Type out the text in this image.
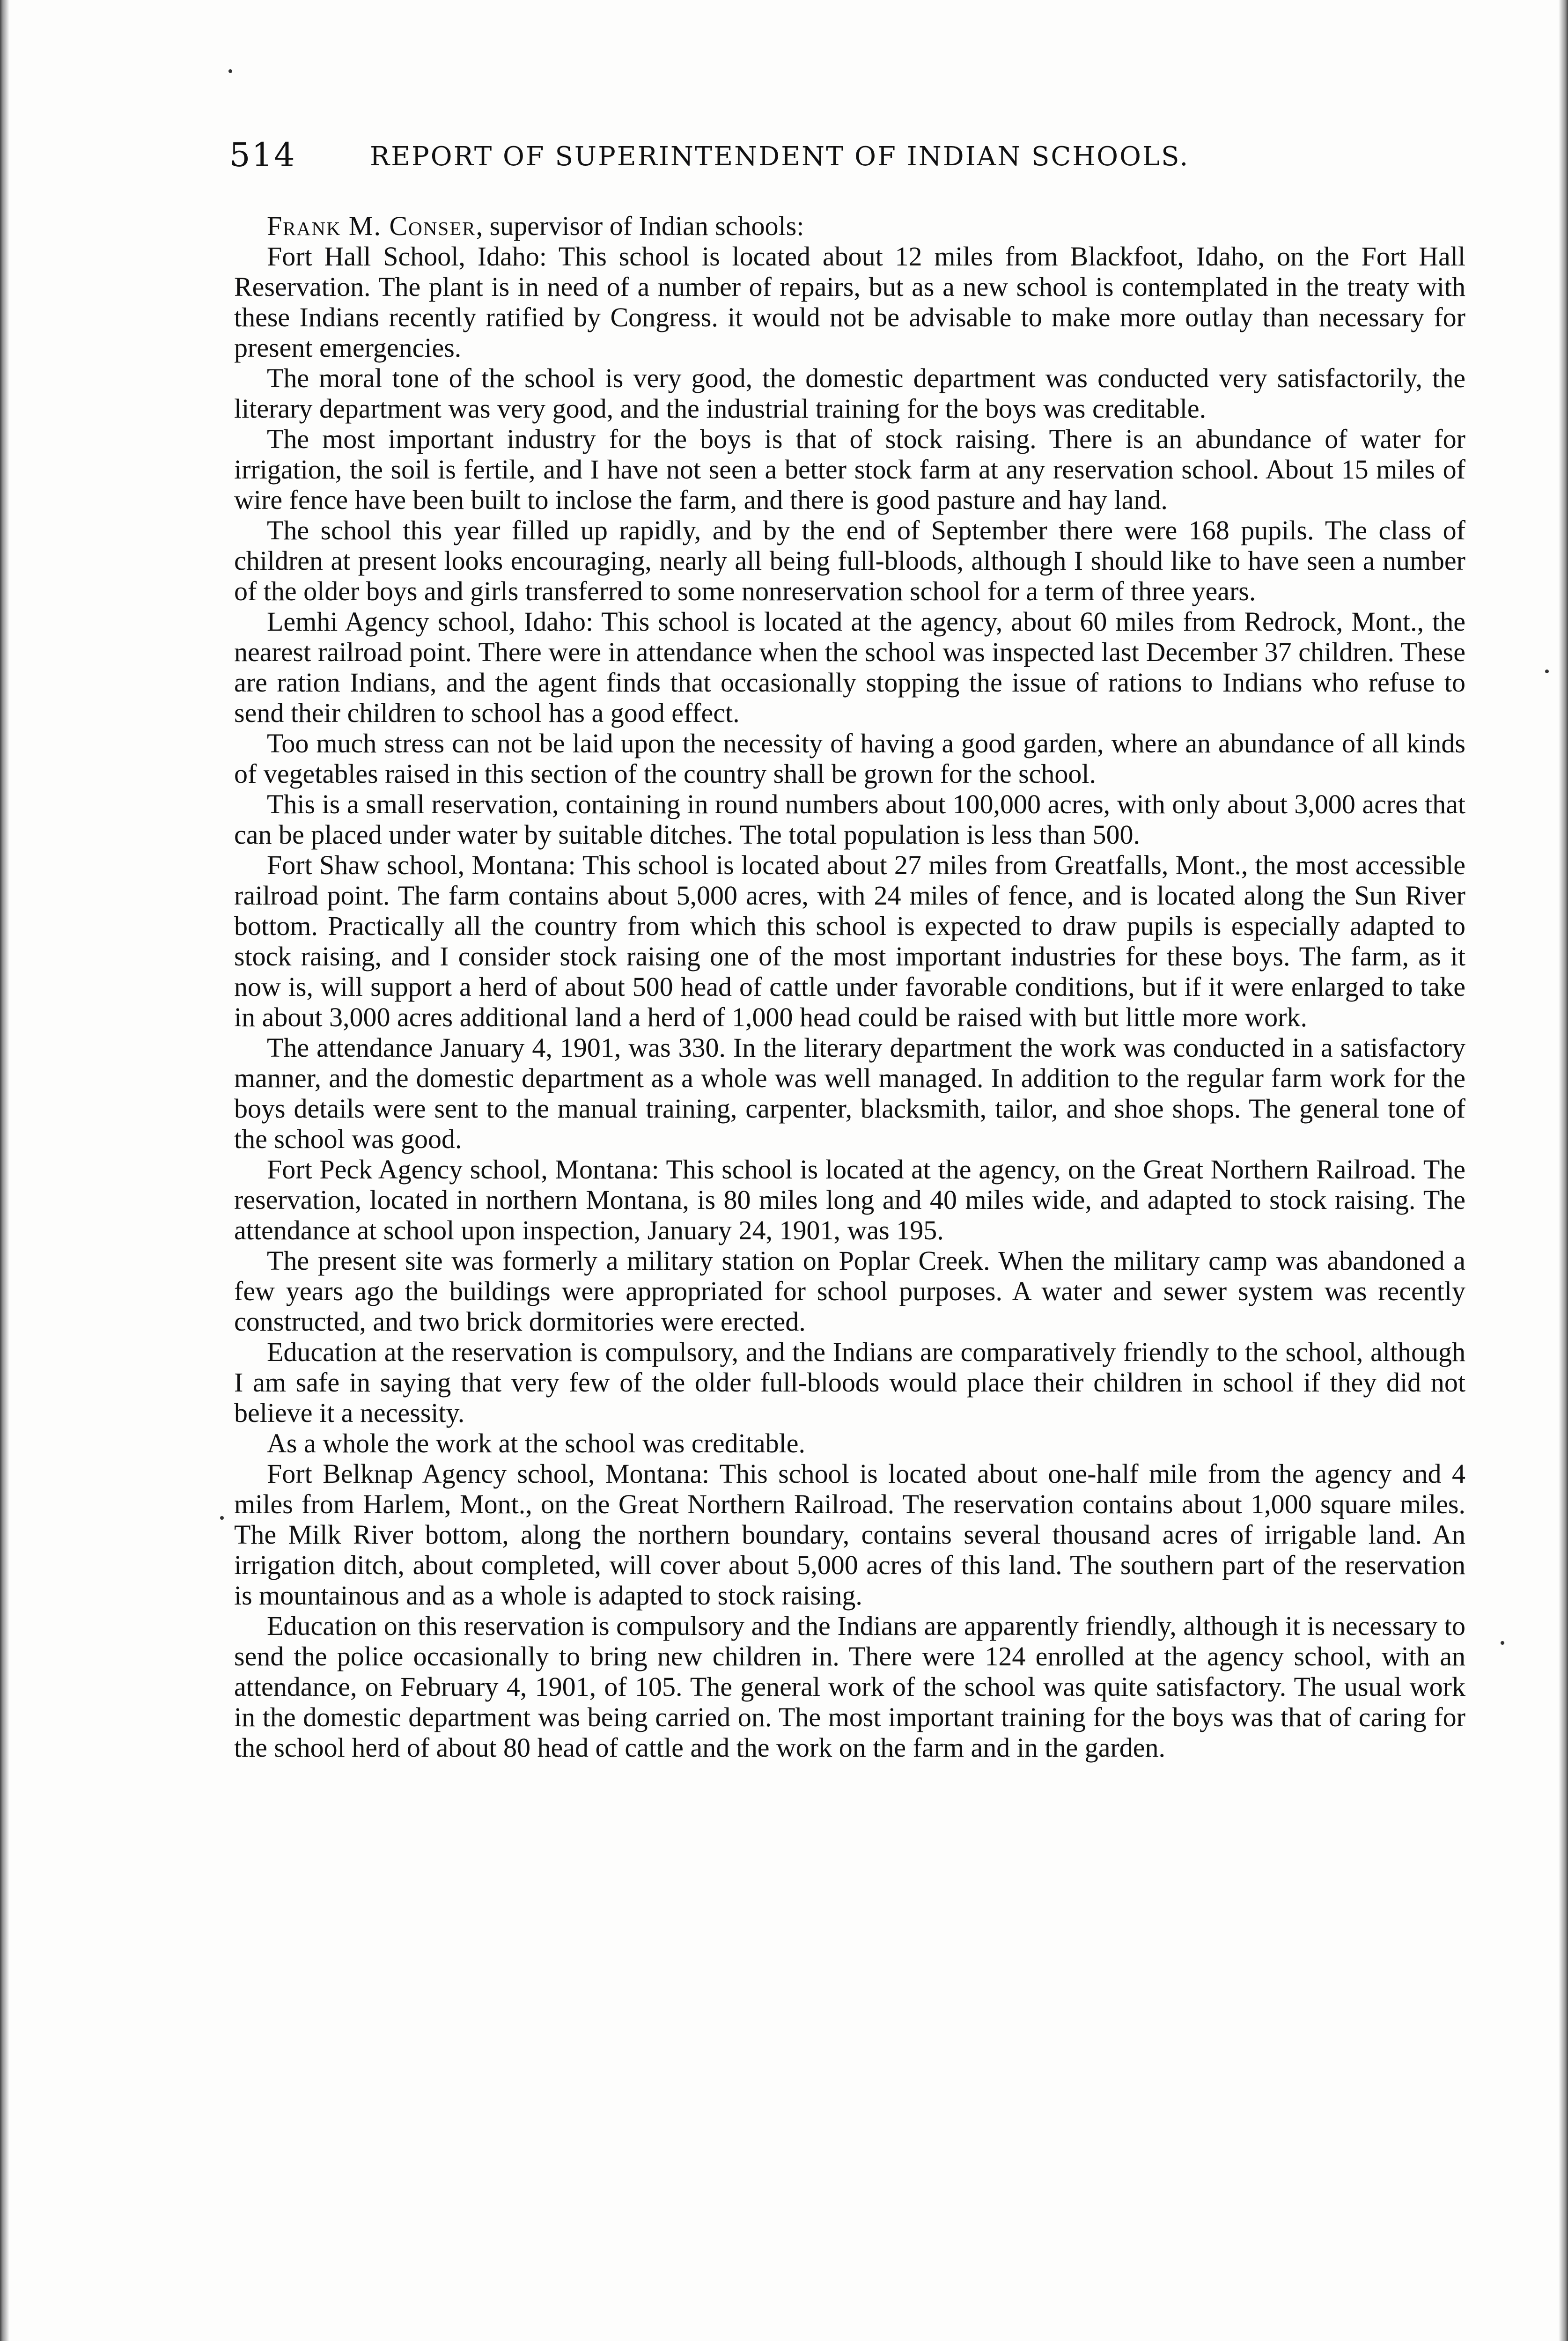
514	REPORT OF SUPERINTENDENT OF INDIAN SCHOOLS.

Frank M. Conser, supervisor of Indian schools:

Fort Hall School, Idaho: This school is located about 12 miles from Blackfoot, Idaho, on the Fort Hall Reservation. The plant is in need of a number of repairs, but as a new school is contemplated in the treaty with these Indians recently ratified by Congress. it would not be advisable to make more outlay than necessary for present emergencies.

The moral tone of the school is very good, the domestic department was conducted very satisfactorily, the literary department was very good, and the industrial training for the boys was creditable.

The most important industry for the boys is that of stock raising. There is an abundance of water for irrigation, the soil is fertile, and I have not seen a better stock farm at any reservation school. About 15 miles of wire fence have been built to inclose the farm, and there is good pasture and hay land.

The school this year filled up rapidly, and by the end of September there were 168 pupils. The class of children at present looks encouraging, nearly all being full-bloods, although I should like to have seen a number of the older boys and girls transferred to some nonreservation school for a term of three years.

Lemhi Agency school, Idaho: This school is located at the agency, about 60 miles from Redrock, Mont., the nearest railroad point. There were in attendance when the school was inspected last December 37 children. These are ration Indians, and the agent finds that occasionally stopping the issue of rations to Indians who refuse to send their children to school has a good effect.

Too much stress can not be laid upon the necessity of having a good garden, where an abundance of all kinds of vegetables raised in this section of the country shall be grown for the school.

This is a small reservation, containing in round numbers about 100,000 acres, with only about 3,000 acres that can be placed under water by suitable ditches. The total population is less than 500.

Fort Shaw school, Montana: This school is located about 27 miles from Greatfalls, Mont., the most accessible railroad point. The farm contains about 5,000 acres, with 24 miles of fence, and is located along the Sun River bottom. Practically all the country from which this school is expected to draw pupils is especially adapted to stock raising, and I consider stock raising one of the most important industries for these boys. The farm, as it now is, will support a herd of about 500 head of cattle under favorable conditions, but if it were enlarged to take in about 3,000 acres additional land a herd of 1,000 head could be raised with but little more work.

The attendance January 4, 1901, was 330. In the literary department the work was conducted in a satisfactory manner, and the domestic department as a whole was well managed. In addition to the regular farm work for the boys details were sent to the manual training, carpenter, blacksmith, tailor, and shoe shops. The general tone of the school was good.

Fort Peck Agency school, Montana: This school is located at the agency, on the Great Northern Railroad. The reservation, located in northern Montana, is 80 miles long and 40 miles wide, and adapted to stock raising. The attendance at school upon inspection, January 24, 1901, was 195.

The present site was formerly a military station on Poplar Creek. When the military camp was abandoned a few years ago the buildings were appropriated for school purposes. A water and sewer system was recently constructed, and two brick dormitories were erected.

Education at the reservation is compulsory, and the Indians are comparatively friendly to the school, although I am safe in saying that very few of the older full-bloods would place their children in school if they did not believe it a necessity.

As a whole the work at the school was creditable.

Fort Belknap Agency school, Montana: This school is located about one-half mile from the agency and 4 miles from Harlem, Mont., on the Great Northern Railroad. The reservation contains about 1,000 square miles. The Milk River bottom, along the northern boundary, contains several thousand acres of irrigable land. An irrigation ditch, about completed, will cover about 5,000 acres of this land. The southern part of the reservation is mountainous and as a whole is adapted to stock raising.

Education on this reservation is compulsory and the Indians are apparently friendly, although it is necessary to send the police occasionally to bring new children in. There were 124 enrolled at the agency school, with an attendance, on February 4, 1901, of 105. The general work of the school was quite satisfactory. The usual work in the domestic department was being carried on. The most important training for the boys was that of caring for the school herd of about 80 head of cattle and the work on the farm and in the garden.
